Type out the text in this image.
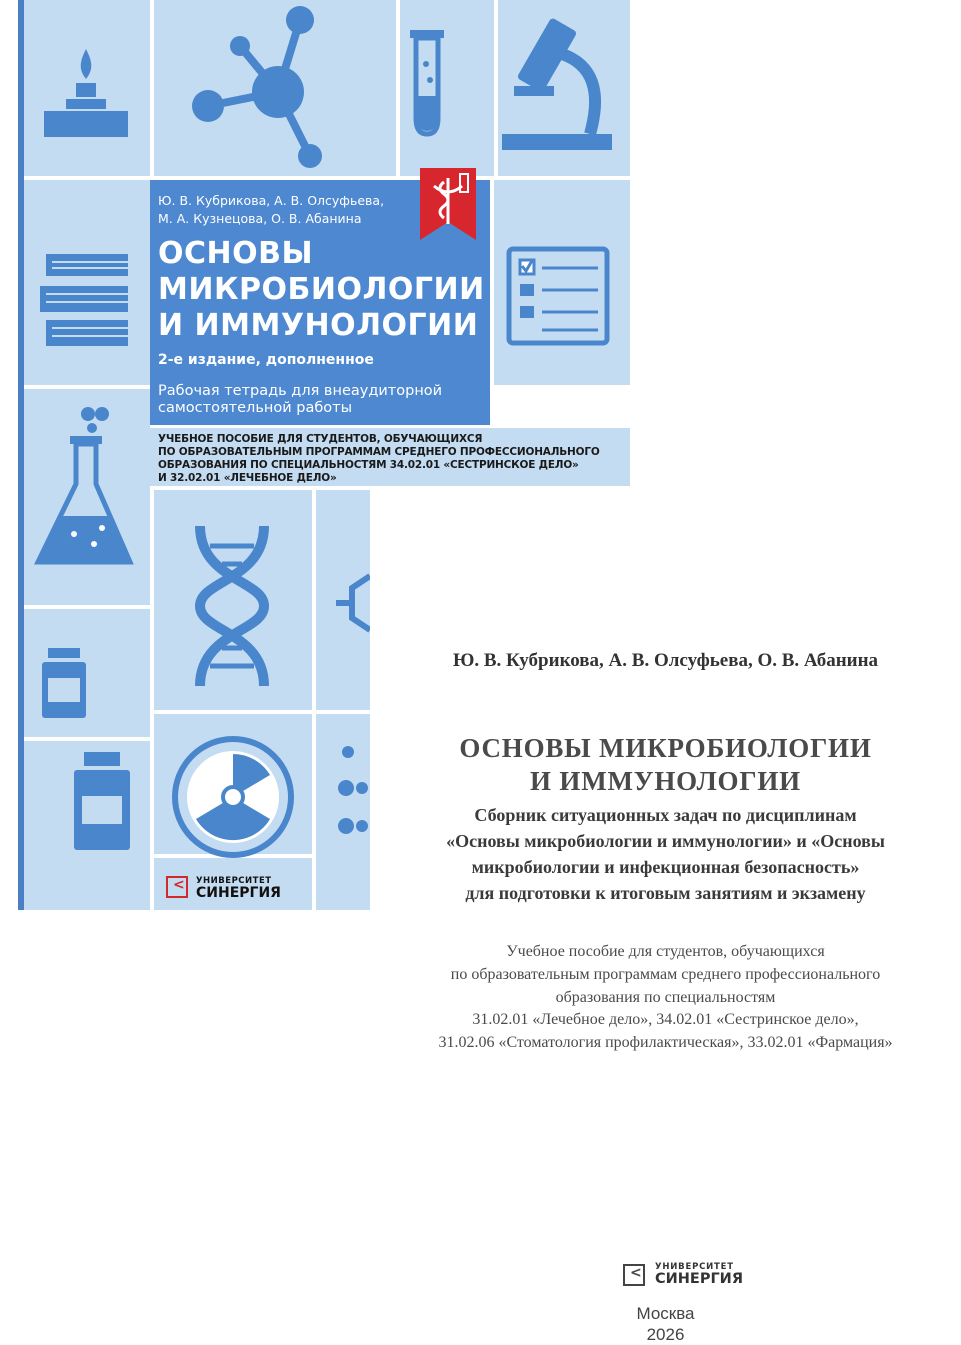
Ю. В. Кубрикова, А. В. Олсуфьева,
М. А. Кузнецова, О. В. Абанина
ОСНОВЫ
МИКРОБИОЛОГИИ
И ИММУНОЛОГИИ
2-е издание, дополненное
Рабочая тетрадь для внеаудиторной
самостоятельной работы
УЧЕБНОЕ ПОСОБИЕ ДЛЯ СТУДЕНТОВ, ОБУЧАЮЩИХСЯ
ПО ОБРАЗОВАТЕЛЬНЫМ ПРОГРАММАМ СРЕДНЕГО ПРОФЕССИОНАЛЬНОГО
ОБРАЗОВАНИЯ ПО СПЕЦИАЛЬНОСТЯМ 34.02.01 «СЕСТРИНСКОЕ ДЕЛО»
И 32.02.01 «ЛЕЧЕБНОЕ ДЕЛО»
< УНИВЕРСИТЕТ
СИНЕРГИЯ
Ю. В. Кубрикова, А. В. Олсуфьева, О. В. Абанина
ОСНОВЫ МИКРОБИОЛОГИИ
И ИММУНОЛОГИИ
Сборник ситуационных задач по дисциплинам
«Основы микробиологии и иммунологии» и «Основы
микробиологии и инфекционная безопасность»
для подготовки к итоговым занятиям и экзамену
Учебное пособие для студентов, обучающихся
по образовательным программам среднего профессионального
образования по специальностям
31.02.01 «Лечебное дело», 34.02.01 «Сестринское дело»,
31.02.06 «Стоматология профилактическая», 33.02.01 «Фармация»
< УНИВЕРСИТЕТ
СИНЕРГИЯ
Москва
2026
